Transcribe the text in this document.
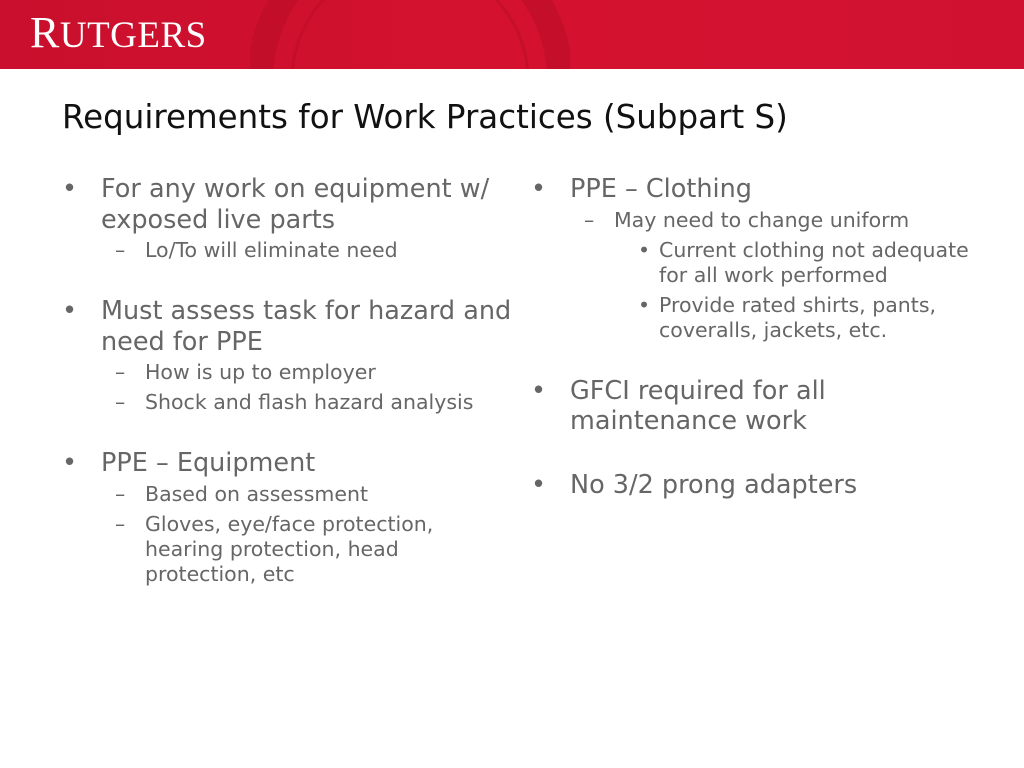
RUTGERS
Requirements for Work Practices (Subpart S)
• For any work on equipment w/ exposed live parts
– Lo/To will eliminate need
• Must assess task for hazard and need for PPE
– How is up to employer
– Shock and flash hazard analysis
• PPE – Equipment
– Based on assessment
– Gloves, eye/face protection, hearing protection, head protection, etc
• PPE – Clothing
– May need to change uniform
• Current clothing not adequate for all work performed
• Provide rated shirts, pants, coveralls, jackets, etc.
• GFCI required for all maintenance work
• No 3/2 prong adapters
